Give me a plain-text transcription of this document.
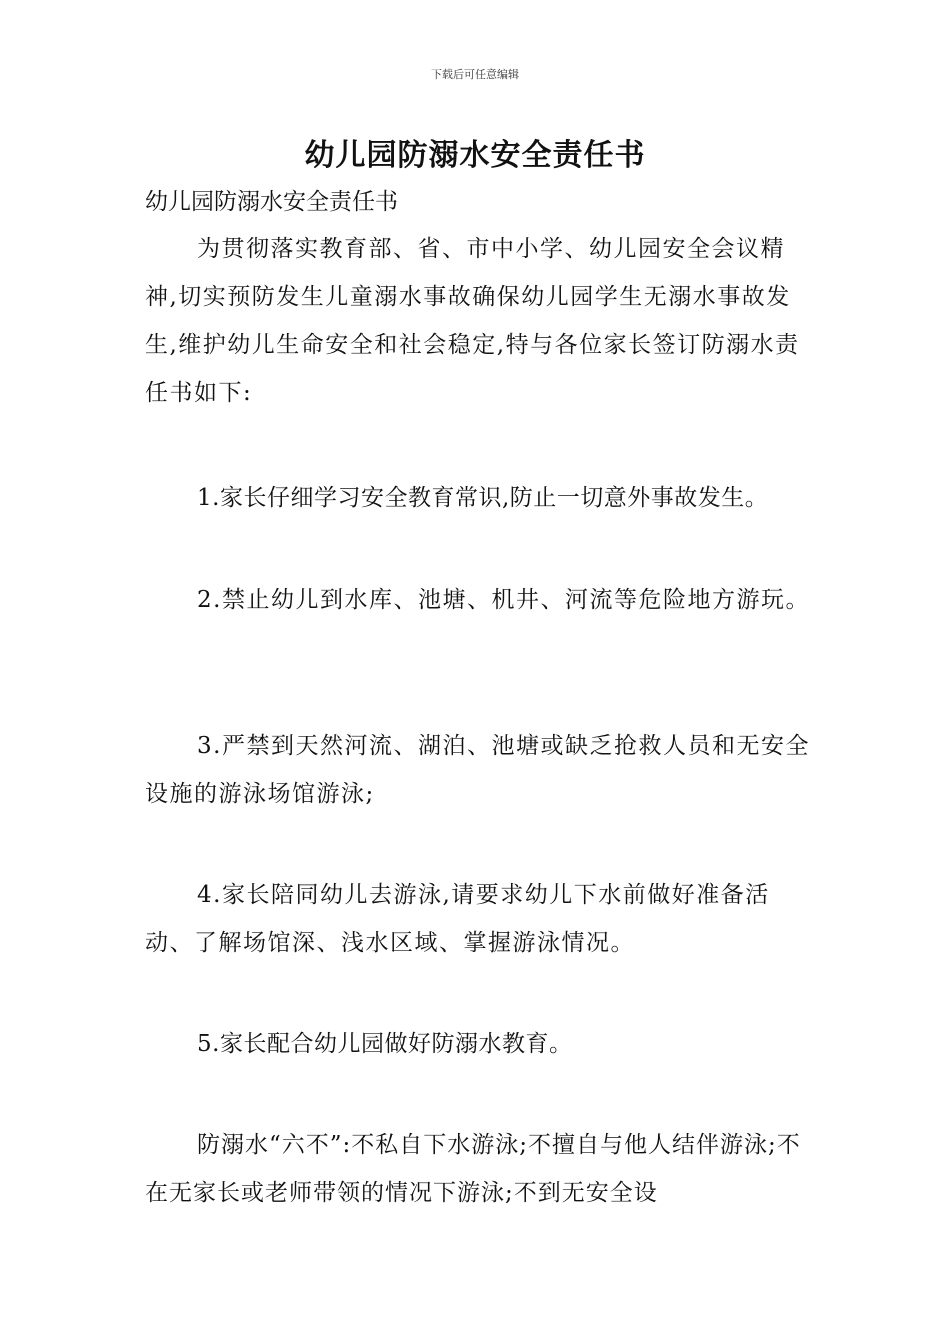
下载后可任意编辑
幼儿园防溺水安全责任书
幼儿园防溺水安全责任书
为贯彻落实教育部、省、市中小学、幼儿园安全会议精神,切实预防发生儿童溺水事故确保幼儿园学生无溺水事故发生,维护幼儿生命安全和社会稳定,特与各位家长签订防溺水责任书如下:
1.家长仔细学习安全教育常识,防止一切意外事故发生。
2.禁止幼儿到水库、池塘、机井、河流等危险地方游玩。
3.严禁到天然河流、湖泊、池塘或缺乏抢救人员和无安全设施的游泳场馆游泳;
4.家长陪同幼儿去游泳,请要求幼儿下水前做好准备活动、了解场馆深、浅水区域、掌握游泳情况。
5.家长配合幼儿园做好防溺水教育。
防溺水“六不”:不私自下水游泳;不擅自与他人结伴游泳;不在无家长或老师带领的情况下游泳;不到无安全设
